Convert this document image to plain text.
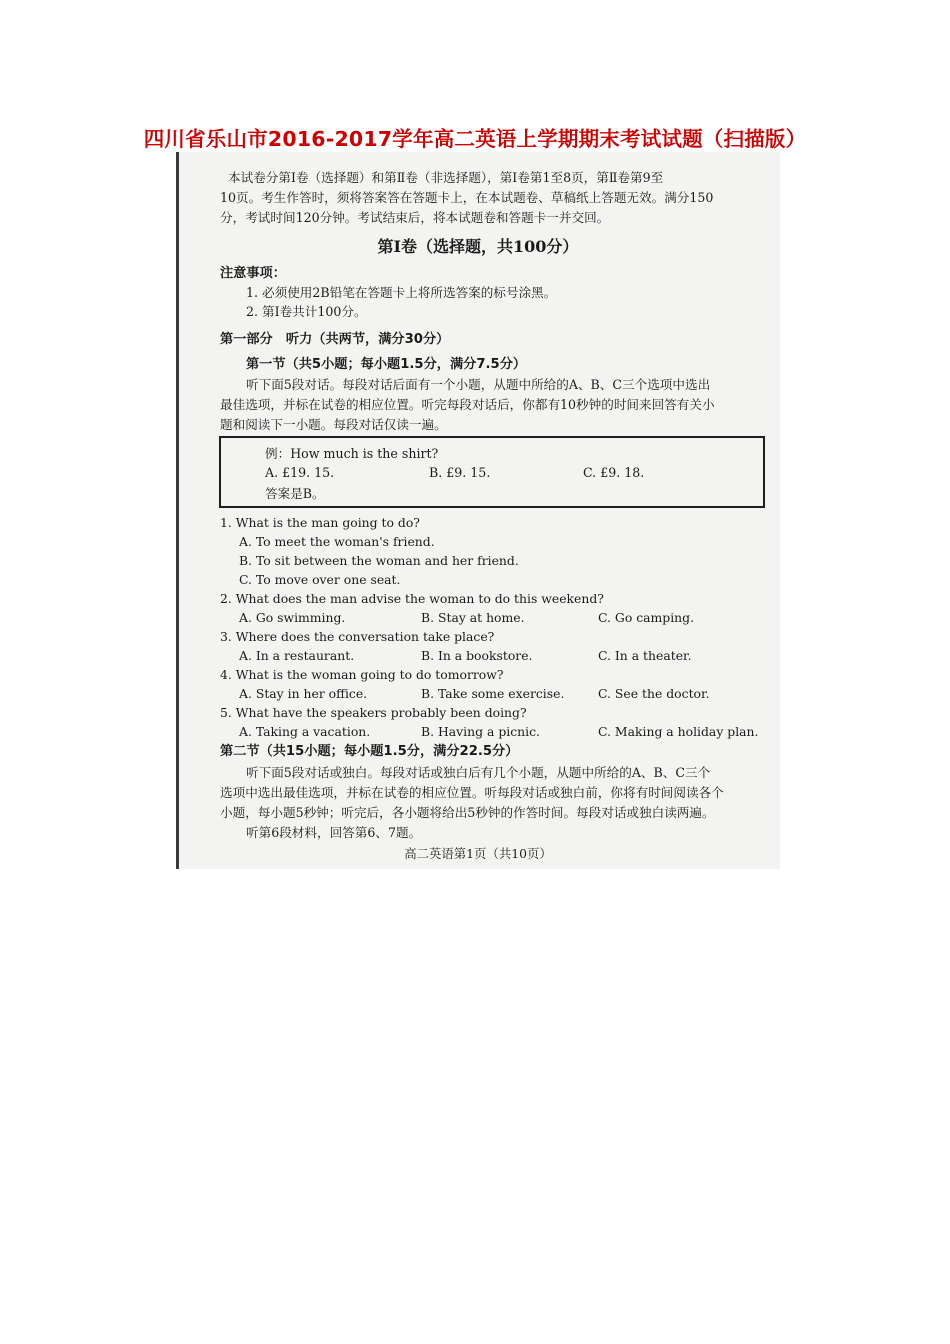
四川省乐山市2016-2017学年高二英语上学期期末考试试题（扫描版）
本试卷分第Ⅰ卷（选择题）和第Ⅱ卷（非选择题），第Ⅰ卷第1至8页，第Ⅱ卷第9至
10页。考生作答时，须将答案答在答题卡上，在本试题卷、草稿纸上答题无效。满分150
分，考试时间120分钟。考试结束后，将本试题卷和答题卡一并交回。
第Ⅰ卷（选择题，共100分）
注意事项：
1. 必须使用2B铅笔在答题卡上将所选答案的标号涂黑。
2. 第Ⅰ卷共计100分。
第一部分　听力（共两节，满分30分）
第一节（共5小题；每小题1.5分，满分7.5分）
听下面5段对话。每段对话后面有一个小题，从题中所给的A、B、C三个选项中选出
最佳选项，并标在试卷的相应位置。听完每段对话后，你都有10秒钟的时间来回答有关小
题和阅读下一小题。每段对话仅读一遍。
1. What is the man going to do?
A. To meet the woman's friend.
B. To sit between the woman and her friend.
C. To move over one seat.
2. What does the man advise the woman to do this weekend?
A. Go swimming.	B. Stay at home.	C. Go camping.
3. Where does the conversation take place?
A. In a restaurant.	B. In a bookstore.	C. In a theater.
4. What is the woman going to do tomorrow?
A. Stay in her office.	B. Take some exercise.	C. See the doctor.
5. What have the speakers probably been doing?
A. Taking a vacation.	B. Having a picnic.	C. Making a holiday plan.
第二节（共15小题；每小题1.5分，满分22.5分）
听下面5段对话或独白。每段对话或独白后有几个小题，从题中所给的A、B、C三个
选项中选出最佳选项，并标在试卷的相应位置。听每段对话或独白前，你将有时间阅读各个
小题，每小题5秒钟；听完后，各小题将给出5秒钟的作答时间。每段对话或独白读两遍。
听第6段材料，回答第6、7题。
高二英语第1页（共10页）
例：How much is the shirt?
A. £19. 15.	B. £9. 15.	C. £9. 18.
答案是B。
